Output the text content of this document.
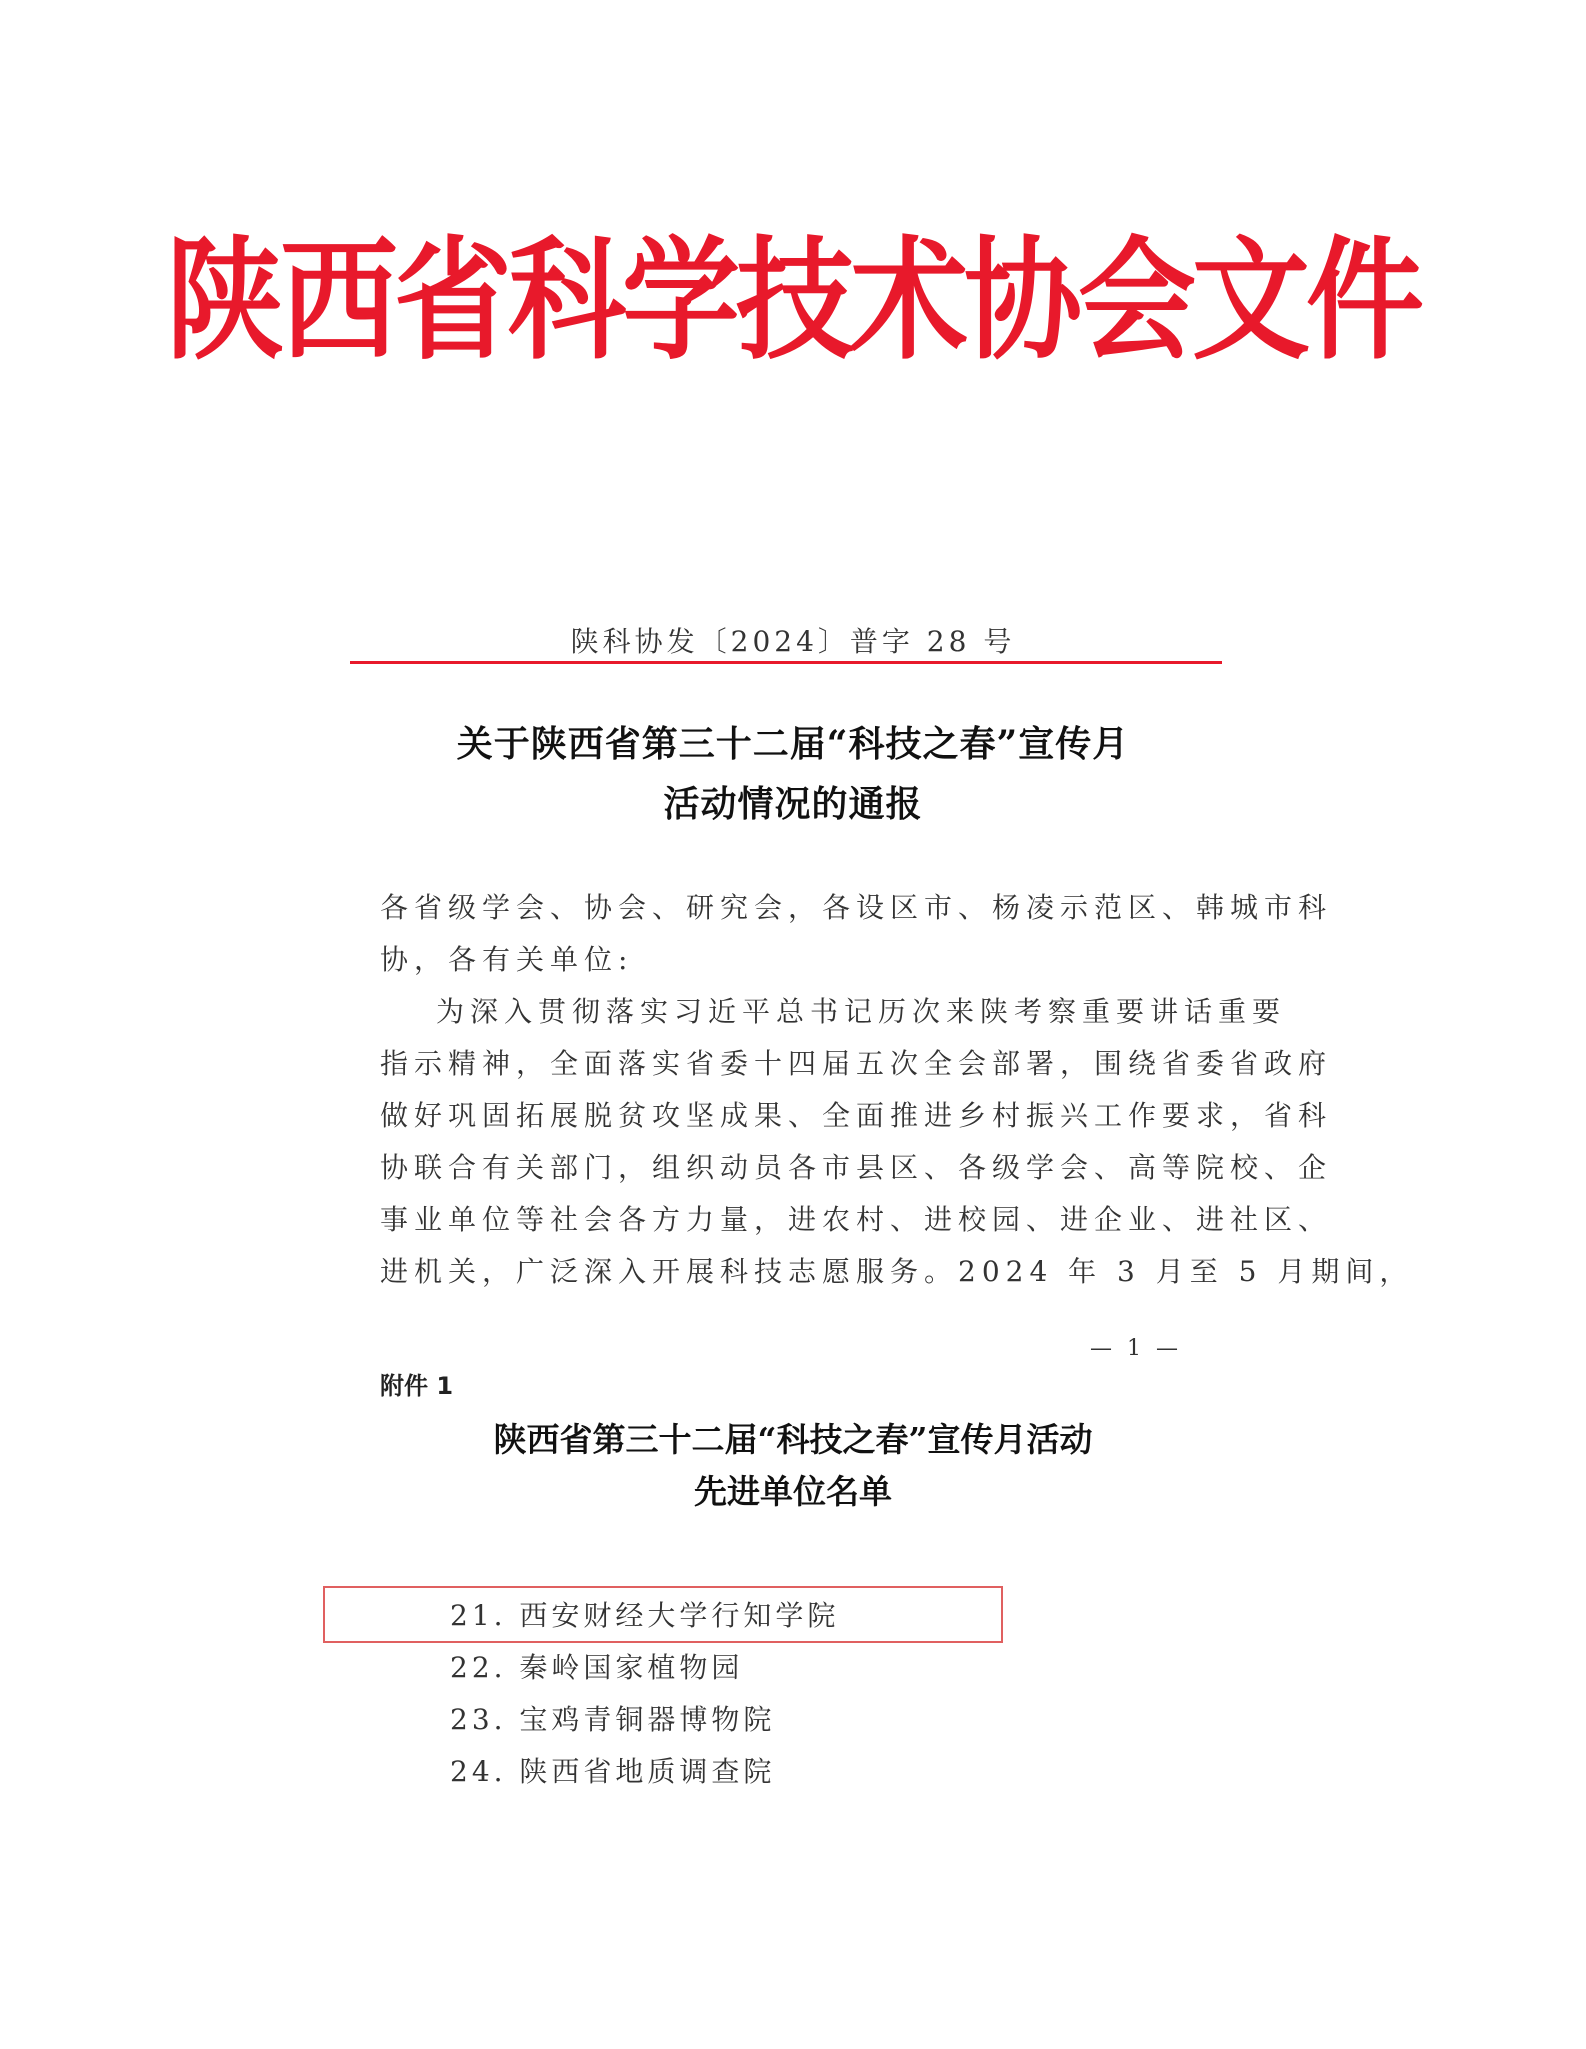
陕西省科学技术协会文件
陕科协发〔2024〕普字 28 号
关于陕西省第三十二届“科技之春”宣传月
活动情况的通报
各省级学会、协会、研究会，各设区市、杨凌示范区、韩城市科
协，各有关单位:
为深入贯彻落实习近平总书记历次来陕考察重要讲话重要
指示精神，全面落实省委十四届五次全会部署，围绕省委省政府
做好巩固拓展脱贫攻坚成果、全面推进乡村振兴工作要求，省科
协联合有关部门，组织动员各市县区、各级学会、高等院校、企
事业单位等社会各方力量，进农村、进校园、进企业、进社区、
进机关，广泛深入开展科技志愿服务。2024 年 3 月至 5 月期间，
— 1 —
附件 1
陕西省第三十二届“科技之春”宣传月活动
先进单位名单
21. 西安财经大学行知学院
22. 秦岭国家植物园
23. 宝鸡青铜器博物院
24. 陕西省地质调查院
